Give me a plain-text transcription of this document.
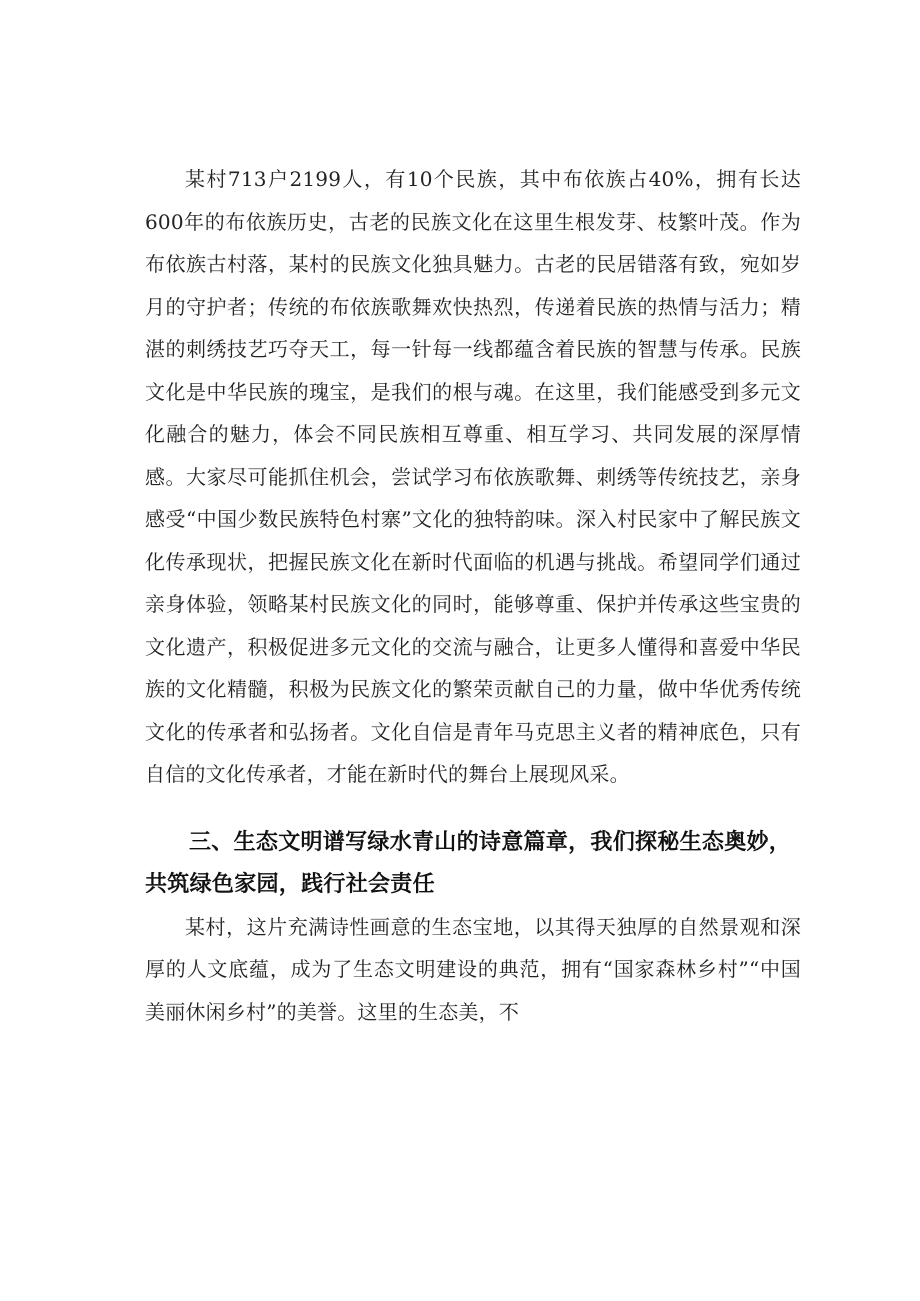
某村713户2199人，有10个民族，其中布依族占40%，拥有长达600年的布依族历史，古老的民族文化在这里生根发芽、枝繁叶茂。作为布依族古村落，某村的民族文化独具魅力。古老的民居错落有致，宛如岁月的守护者；传统的布依族歌舞欢快热烈，传递着民族的热情与活力；精湛的刺绣技艺巧夺天工，每一针每一线都蕴含着民族的智慧与传承。民族文化是中华民族的瑰宝，是我们的根与魂。在这里，我们能感受到多元文化融合的魅力，体会不同民族相互尊重、相互学习、共同发展的深厚情感。大家尽可能抓住机会，尝试学习布依族歌舞、刺绣等传统技艺，亲身感受“中国少数民族特色村寨”文化的独特韵味。深入村民家中了解民族文化传承现状，把握民族文化在新时代面临的机遇与挑战。希望同学们通过亲身体验，领略某村民族文化的同时，能够尊重、保护并传承这些宝贵的文化遗产，积极促进多元文化的交流与融合，让更多人懂得和喜爱中华民族的文化精髓，积极为民族文化的繁荣贡献自己的力量，做中华优秀传统文化的传承者和弘扬者。文化自信是青年马克思主义者的精神底色，只有自信的文化传承者，才能在新时代的舞台上展现风采。

三、生态文明谱写绿水青山的诗意篇章，我们探秘生态奥妙，共筑绿色家园，践行社会责任

某村，这片充满诗性画意的生态宝地，以其得天独厚的自然景观和深厚的人文底蕴，成为了生态文明建设的典范，拥有“国家森林乡村”“中国美丽休闲乡村”的美誉。这里的生态美，不
